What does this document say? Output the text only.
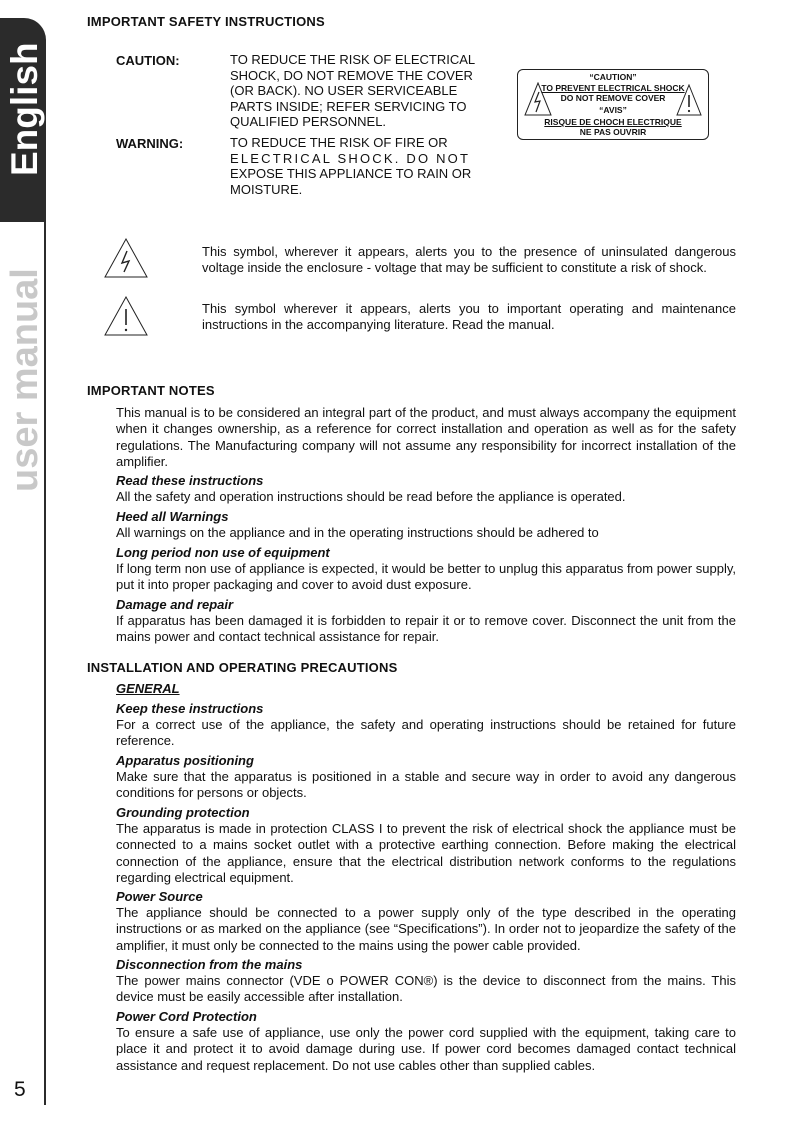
English
user manual
5
IMPORTANT SAFETY INSTRUCTIONS
CAUTION:	TO REDUCE THE RISK OF ELECTRICAL
SHOCK, DO NOT REMOVE THE COVER
(OR BACK). NO USER SERVICEABLE
PARTS INSIDE; REFER SERVICING TO
QUALIFIED PERSONNEL.
WARNING:	TO REDUCE THE RISK OF FIRE OR
ELECTRICAL SHOCK. DO NOT
EXPOSE THIS APPLIANCE TO RAIN OR
MOISTURE.
“CAUTION”
TO PREVENT ELECTRICAL SHOCK
DO NOT REMOVE COVER
“AVIS”
RISQUE DE CHOCH ELECTRIQUE
NE PAS OUVRIR
This symbol, wherever it appears, alerts you to the presence of uninsulated dangerous voltage inside the enclosure - voltage that may be sufficient to constitute a risk of shock.
This symbol wherever it appears, alerts you to important operating and maintenance instructions in the accompanying literature. Read the manual.
IMPORTANT NOTES

This manual is to be considered an integral part of the product, and must always accompany the equipment when it changes ownership, as a reference for correct installation and operation as well as for the safety regulations. The Manufacturing company will not assume any responsibility for incorrect installation of the amplifier.

Read these instructions

All the safety and operation instructions should be read before the appliance is operated.

Heed all Warnings

All warnings on the appliance and in the operating instructions should be adhered to

Long period non use of equipment

If long term non use of appliance is expected, it would be better to unplug this apparatus from power supply, put it into proper packaging and cover to avoid dust exposure.

Damage and repair

If apparatus has been damaged it is forbidden to repair it or to remove cover. Disconnect the unit from the mains power and contact technical assistance for repair.

INSTALLATION AND OPERATING PRECAUTIONS
GENERAL
Keep these instructions

For a correct use of the appliance, the safety and operating instructions should be retained for future reference.

Apparatus positioning

Make sure that the apparatus is positioned in a stable and secure way in order to avoid any dangerous conditions for persons or objects.

Grounding protection

The apparatus is made in protection CLASS I to prevent the risk of electrical shock the appliance must be connected to a mains socket outlet with a protective earthing connection. Before making the electrical connection of the appliance, ensure that the electrical distribution network conforms to the regulations regarding electrical equipment.

Power Source

The appliance should be connected to a power supply only of the type described in the operating instructions or as marked on the appliance (see “Specifications”). In order not to jeopardize the safety of the amplifier, it must only be connected to the mains using the power cable provided.

Disconnection from the mains

The power mains connector (VDE o POWER CON®) is the device to disconnect from the mains. This device must be easily accessible after installation.

Power Cord Protection

To ensure a safe use of appliance, use only the power cord supplied with the equipment, taking care to place it and protect it to avoid damage during use. If power cord becomes damaged contact technical assistance and request replacement. Do not use cables other than supplied cables.
